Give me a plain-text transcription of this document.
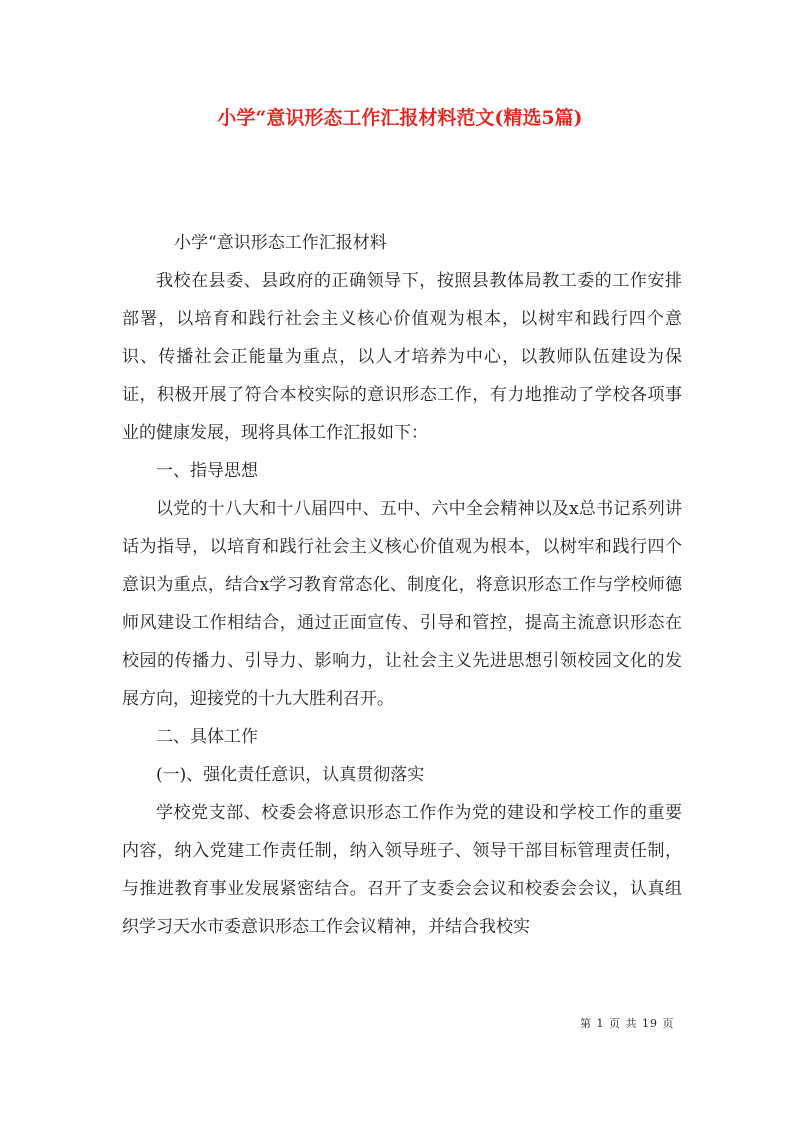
小学“意识形态工作汇报材料范文(精选5篇)

小学“意识形态工作汇报材料

我校在县委、县政府的正确领导下，按照县教体局教工委的工作安排部署，以培育和践行社会主义核心价值观为根本，以树牢和践行四个意识、传播社会正能量为重点，以人才培养为中心，以教师队伍建设为保证，积极开展了符合本校实际的意识形态工作，有力地推动了学校各项事业的健康发展，现将具体工作汇报如下：

一、指导思想

以党的十八大和十八届四中、五中、六中全会精神以及x总书记系列讲话为指导，以培育和践行社会主义核心价值观为根本，以树牢和践行四个意识为重点，结合x学习教育常态化、制度化，将意识形态工作与学校师德师风建设工作相结合，通过正面宣传、引导和管控，提高主流意识形态在校园的传播力、引导力、影响力，让社会主义先进思想引领校园文化的发展方向，迎接党的十九大胜利召开。

二、具体工作

(一)、强化责任意识，认真贯彻落实

学校党支部、校委会将意识形态工作作为党的建设和学校工作的重要内容，纳入党建工作责任制，纳入领导班子、领导干部目标管理责任制，与推进教育事业发展紧密结合。召开了支委会会议和校委会会议，认真组织学习天水市委意识形态工作会议精神，并结合我校实

第 1 页 共 19 页
